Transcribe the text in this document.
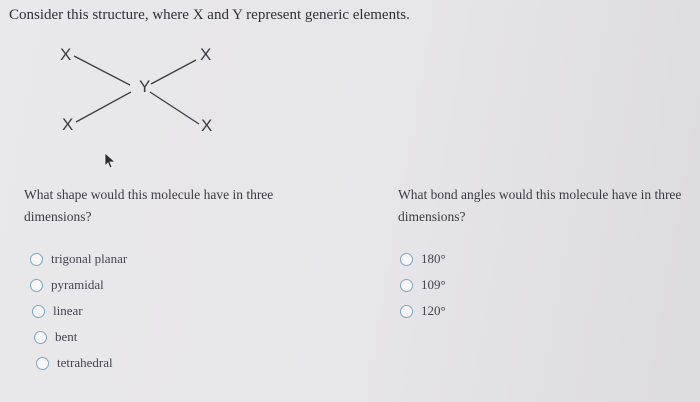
Consider this structure, where X and Y represent generic elements.
X	X
Y
X	X
What shape would this molecule have in three dimensions?
What bond angles would this molecule have in three dimensions?
trigonal planar
pyramidal
linear
bent
tetrahedral
180°
109°
120°
